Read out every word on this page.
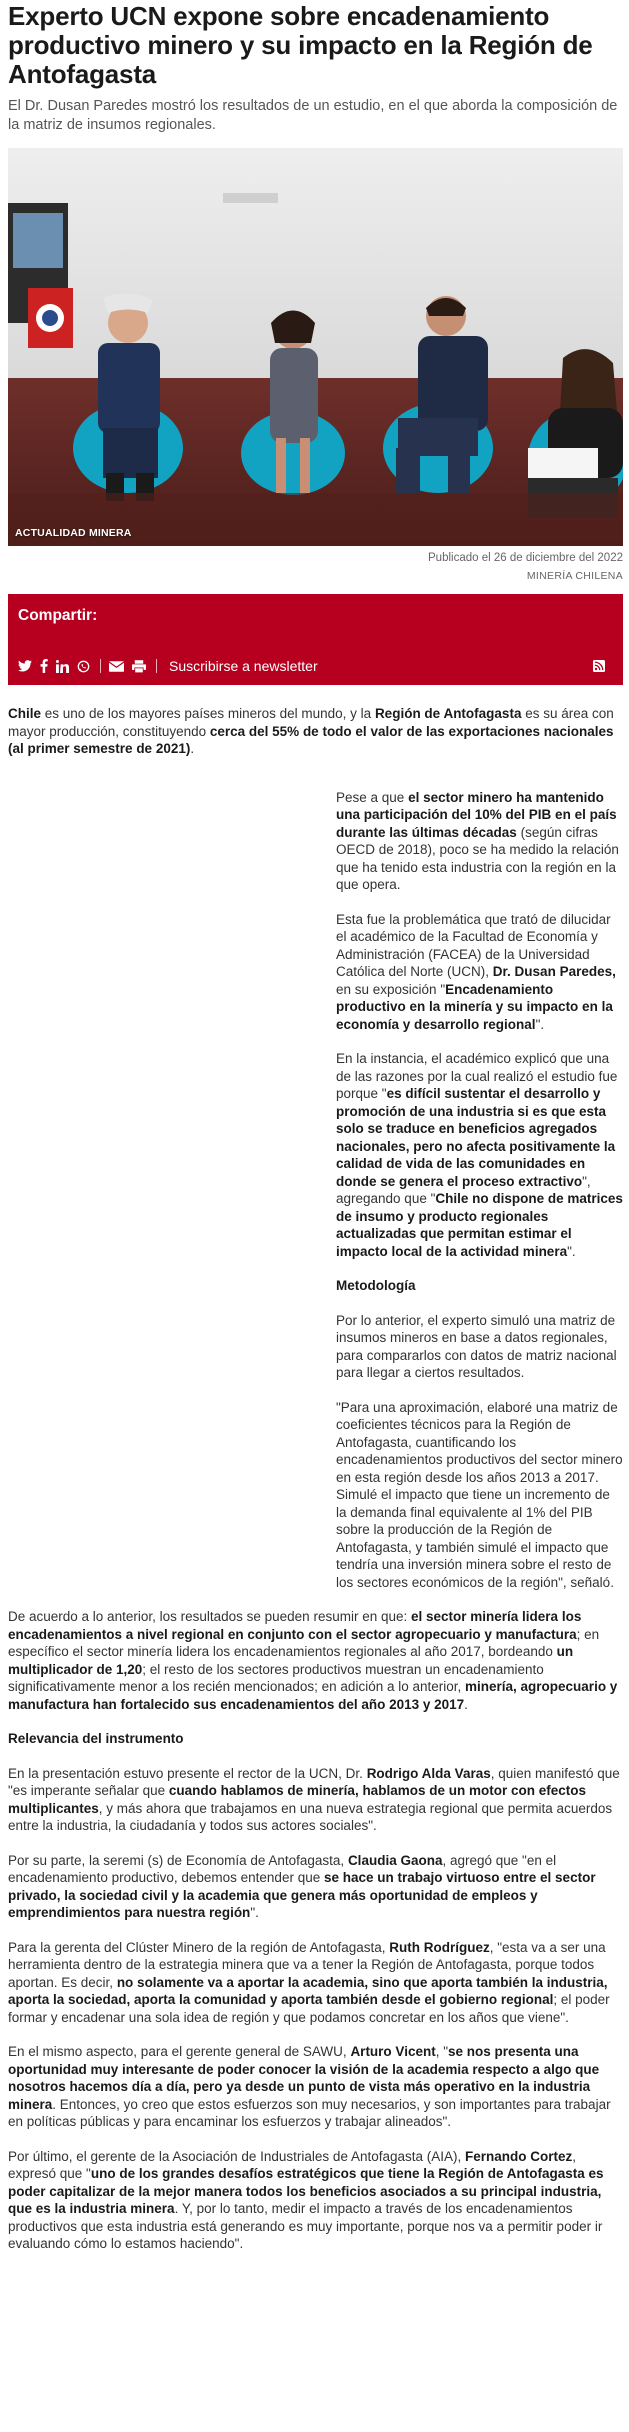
Experto UCN expone sobre encadenamiento productivo minero y su impacto en la Región de Antofagasta

El Dr. Dusan Paredes mostró los resultados de un estudio, en el que aborda la composición de la matriz de insumos regionales.

ACTUALIDAD MINERA
Publicado el 26 de diciembre del 2022
MINERÍA CHILENA
Compartir:
Suscribirse a newsletter

Chile es uno de los mayores países mineros del mundo, y la Región de Antofagasta es su área con mayor producción, constituyendo cerca del 55% de todo el valor de las exportaciones nacionales (al primer semestre de 2021).

Pese a que el sector minero ha mantenido una participación del 10% del PIB en el país durante las últimas décadas (según cifras OECD de 2018), poco se ha medido la relación que ha tenido esta industria con la región en la que opera.

Esta fue la problemática que trató de dilucidar el académico de la Facultad de Economía y Administración (FACEA) de la Universidad Católica del Norte (UCN), Dr. Dusan Paredes, en su exposición "Encadenamiento productivo en la minería y su impacto en la economía y desarrollo regional".

En la instancia, el académico explicó que una de las razones por la cual realizó el estudio fue porque "es difícil sustentar el desarrollo y promoción de una industria si es que esta solo se traduce en beneficios agregados nacionales, pero no afecta positivamente la calidad de vida de las comunidades en donde se genera el proceso extractivo", agregando que "Chile no dispone de matrices de insumo y producto regionales actualizadas que permitan estimar el impacto local de la actividad minera".

Metodología

Por lo anterior, el experto simuló una matriz de insumos mineros en base a datos regionales, para compararlos con datos de matriz nacional para llegar a ciertos resultados.

"Para una aproximación, elaboré una matriz de coeficientes técnicos para la Región de Antofagasta, cuantificando los encadenamientos productivos del sector minero en esta región desde los años 2013 a 2017. Simulé el impacto que tiene un incremento de la demanda final equivalente al 1% del PIB sobre la producción de la Región de Antofagasta, y también simulé el impacto que tendría una inversión minera sobre el resto de los sectores económicos de la región", señaló.

De acuerdo a lo anterior, los resultados se pueden resumir en que: el sector minería lidera los encadenamientos a nivel regional en conjunto con el sector agropecuario y manufactura; en específico el sector minería lidera los encadenamientos regionales al año 2017, bordeando un multiplicador de 1,20; el resto de los sectores productivos muestran un encadenamiento significativamente menor a los recién mencionados; en adición a lo anterior, minería, agropecuario y manufactura han fortalecido sus encadenamientos del año 2013 y 2017.

Relevancia del instrumento

En la presentación estuvo presente el rector de la UCN, Dr. Rodrigo Alda Varas, quien manifestó que "es imperante señalar que cuando hablamos de minería, hablamos de un motor con efectos multiplicantes, y más ahora que trabajamos en una nueva estrategia regional que permita acuerdos entre la industria, la ciudadanía y todos sus actores sociales".

Por su parte, la seremi (s) de Economía de Antofagasta, Claudia Gaona, agregó que "en el encadenamiento productivo, debemos entender que se hace un trabajo virtuoso entre el sector privado, la sociedad civil y la academia que genera más oportunidad de empleos y emprendimientos para nuestra región".

Para la gerenta del Clúster Minero de la región de Antofagasta, Ruth Rodríguez, "esta va a ser una herramienta dentro de la estrategia minera que va a tener la Región de Antofagasta, porque todos aportan. Es decir, no solamente va a aportar la academia, sino que aporta también la industria, aporta la sociedad, aporta la comunidad y aporta también desde el gobierno regional; el poder formar y encadenar una sola idea de región y que podamos concretar en los años que viene".

En el mismo aspecto, para el gerente general de SAWU, Arturo Vicent, "se nos presenta una oportunidad muy interesante de poder conocer la visión de la academia respecto a algo que nosotros hacemos día a día, pero ya desde un punto de vista más operativo en la industria minera. Entonces, yo creo que estos esfuerzos son muy necesarios, y son importantes para trabajar en políticas públicas y para encaminar los esfuerzos y trabajar alineados".

Por último, el gerente de la Asociación de Industriales de Antofagasta (AIA), Fernando Cortez, expresó que "uno de los grandes desafíos estratégicos que tiene la Región de Antofagasta es poder capitalizar de la mejor manera todos los beneficios asociados a su principal industria, que es la industria minera. Y, por lo tanto, medir el impacto a través de los encadenamientos productivos que esta industria está generando es muy importante, porque nos va a permitir poder ir evaluando cómo lo estamos haciendo".
